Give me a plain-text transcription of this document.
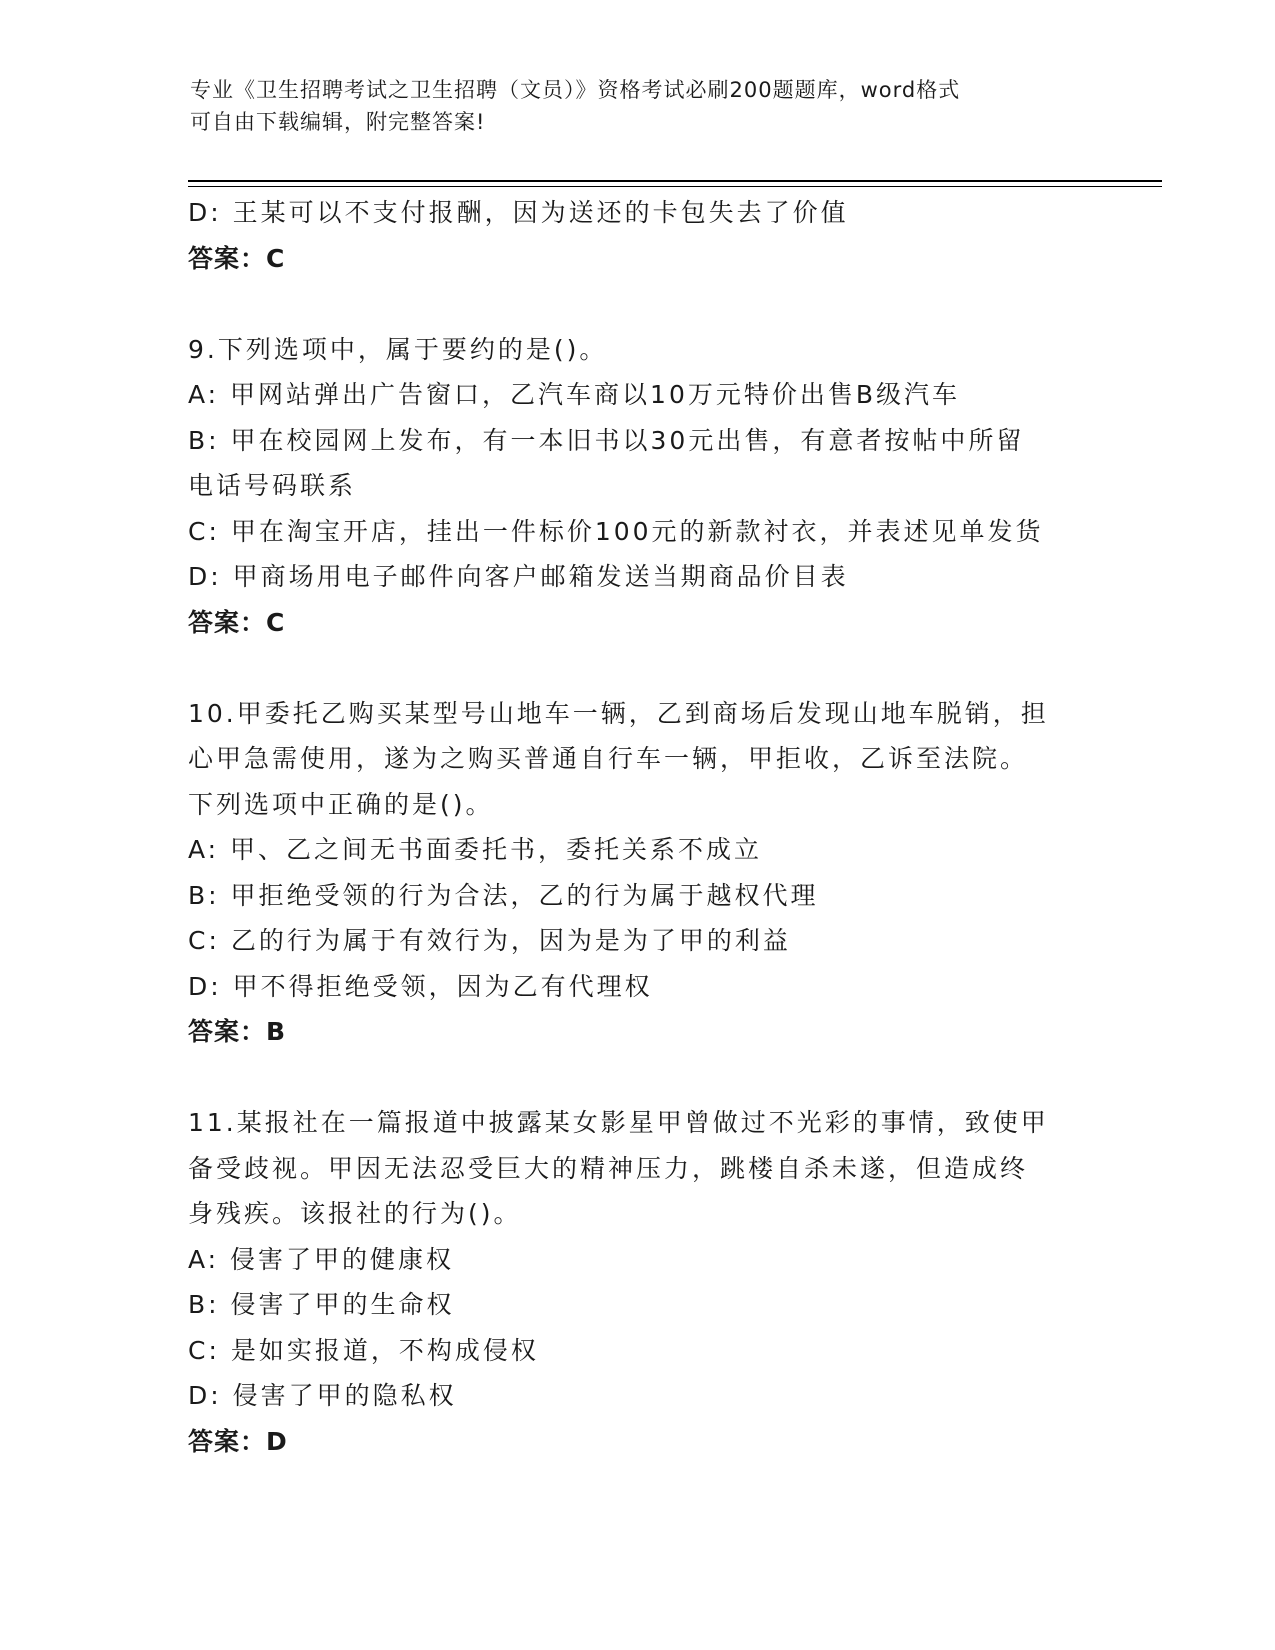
专业《卫生招聘考试之卫生招聘（文员）》资格考试必刷200题题库，word格式
可自由下载编辑，附完整答案!
D: 王某可以不支付报酬，因为送还的卡包失去了价值
答案：C
9.下列选项中，属于要约的是()。
A: 甲网站弹出广告窗口，乙汽车商以10万元特价出售B级汽车
B: 甲在校园网上发布，有一本旧书以30元出售，有意者按帖中所留
电话号码联系
C: 甲在淘宝开店，挂出一件标价100元的新款衬衣，并表述见单发货
D: 甲商场用电子邮件向客户邮箱发送当期商品价目表
答案：C
10.甲委托乙购买某型号山地车一辆，乙到商场后发现山地车脱销，担
心甲急需使用，遂为之购买普通自行车一辆，甲拒收，乙诉至法院。
下列选项中正确的是()。
A: 甲、乙之间无书面委托书，委托关系不成立
B: 甲拒绝受领的行为合法，乙的行为属于越权代理
C: 乙的行为属于有效行为，因为是为了甲的利益
D: 甲不得拒绝受领，因为乙有代理权
答案：B
11.某报社在一篇报道中披露某女影星甲曾做过不光彩的事情，致使甲
备受歧视。甲因无法忍受巨大的精神压力，跳楼自杀未遂，但造成终
身残疾。该报社的行为()。
A: 侵害了甲的健康权
B: 侵害了甲的生命权
C: 是如实报道，不构成侵权
D: 侵害了甲的隐私权
答案：D
